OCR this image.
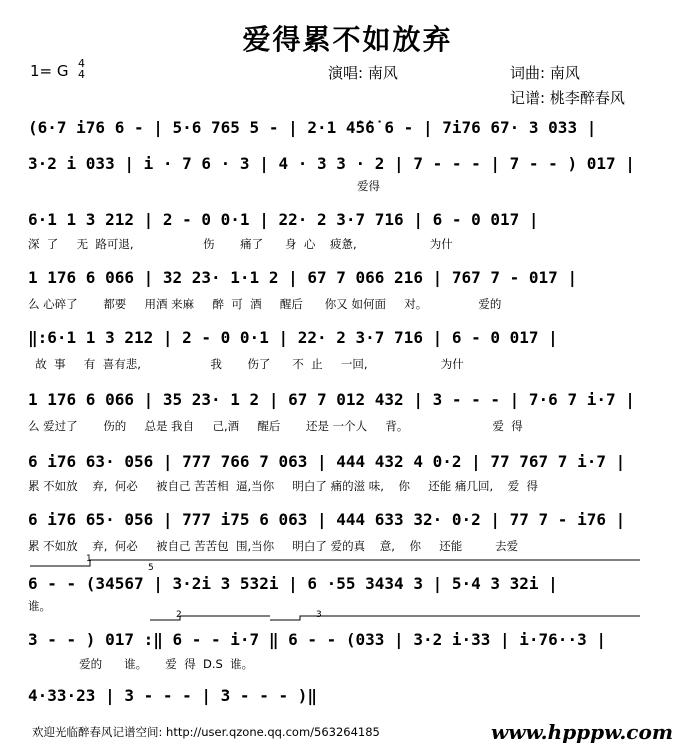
爱得累不如放弃
1= G 4
4	演唱: 南风	词曲: 南风
记谱: 桃李醉春风
(6·7 i76 6 - | 5·6 765 5 - | 2·1 4̇5̇6̇ 6 - | 7i76 67· 3 033 |
3·2 i 033 | i · 7 6 · 3 | 4 · 3 3 · 2 | 7 - - - | 7 - - ) 017 |
爱得
6·1 1 3 212 | 2 - 0 0·1 | 22· 2 3·7 716 | 6 - 0 017 |
深  了     无  路可退,                   伤       痛了      身  心    疲惫,                    为什
1 176 6 066 | 32 23· 1·1 2 | 67 7 066 216 | 767 7 - 017 |
么 心碎了       都要     用酒 来麻     醉  可  酒     醒后      你又 如何面     对。              爱的
‖:6·1 1 3 212 | 2 - 0 0·1 | 22· 2 3·7 716 | 6 - 0 017 |
故  事     有  喜有悲,                   我       伤了      不  止     一回,                    为什
1 176 6 066 | 35 23· 1 2 | 67 7 012 432 | 3 - - - | 7·6 7 i·7 |
么 爱过了       伤的     总是 我自     己,酒     醒后       还是 一个人     背。                       爱  得
6 i76 63· 056 | 777 766 7 063 | 444 432 4 0·2 | 77 767 7 i·7 |
累 不如放    弃,  何必     被自己 苦苦相  逼,当你     明白了 痛的滋 味,    你     还能 痛几回,    爱  得
6 i76 65· 056 | 777 i75 6 063 | 444 633 32· 0·2 | 77 7 - i76 |
累 不如放    弃,  何必     被自己 苦苦包  围,当你     明白了 爱的真    意,    你     还能         去爱
6 - - (34567 | 3·2i 3 532i | 6 ·55 3434 3 | 5·4 3 32i |
谁。
3 - - ) 017 :‖ 6 - - i·7 ‖ 6 - - (033 | 3·2 i·33 | i·76··3 |
爱的      谁。     爱  得  D.S  谁。
4·33·23 | 3 - - - | 3 - - - )‖
1
5
2	3
欢迎光临醉春风记谱空间: http://user.qzone.qq.com/563264185	www.hpppw.com
